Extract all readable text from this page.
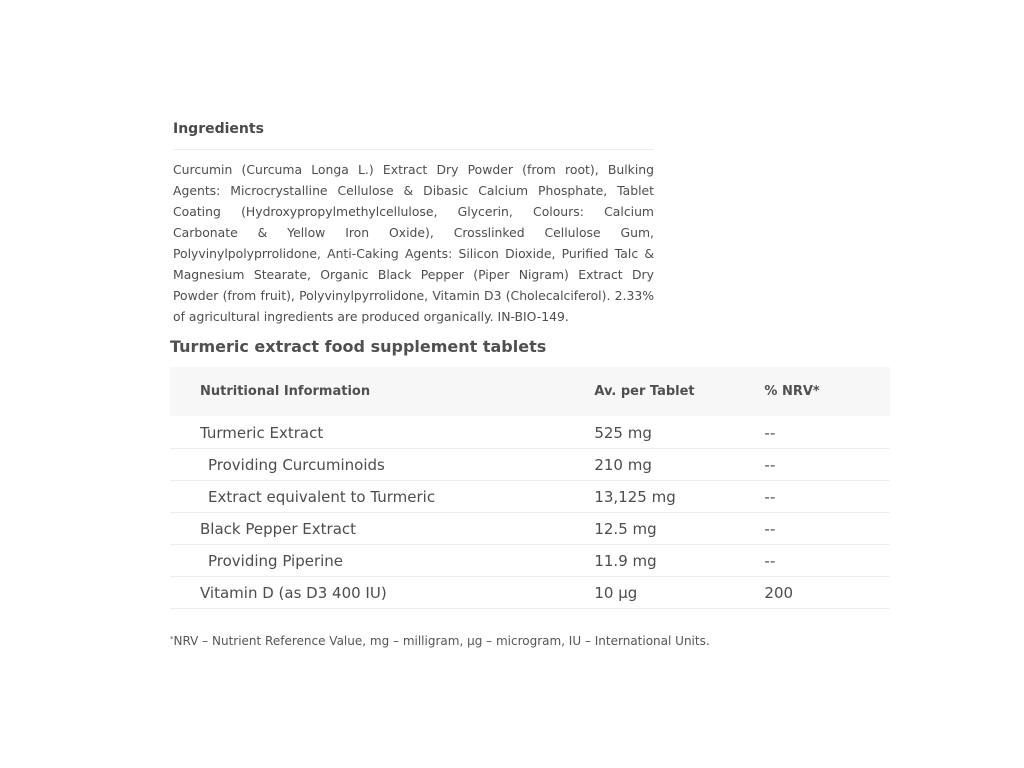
Ingredients

Curcumin (Curcuma Longa L.) Extract Dry Powder (from root), Bulking Agents: Microcrystalline Cellulose & Dibasic Calcium Phosphate, Tablet Coating (Hydroxypropylmethylcellulose, Glycerin, Colours: Calcium Carbonate & Yellow Iron Oxide), Crosslinked Cellulose Gum, Polyvinylpolyprrolidone, Anti-Caking Agents: Silicon Dioxide, Purified Talc & Magnesium Stearate, Organic Black Pepper (Piper Nigram) Extract Dry Powder (from fruit), Polyvinylpyrrolidone, Vitamin D3 (Cholecalciferol). 2.33% of agricultural ingredients are produced organically. IN-BIO-149.

Turmeric extract food supplement tablets
Nutritional Information	Av. per Tablet	% NRV*
Turmeric Extract	525 mg	--
Providing Curcuminoids	210 mg	--
Extract equivalent to Turmeric	13,125 mg	--
Black Pepper Extract	12.5 mg	--
Providing Piperine	11.9 mg	--
Vitamin D (as D3 400 IU)	10 µg	200

*NRV – Nutrient Reference Value, mg – milligram, µg – microgram, IU – International Units.
